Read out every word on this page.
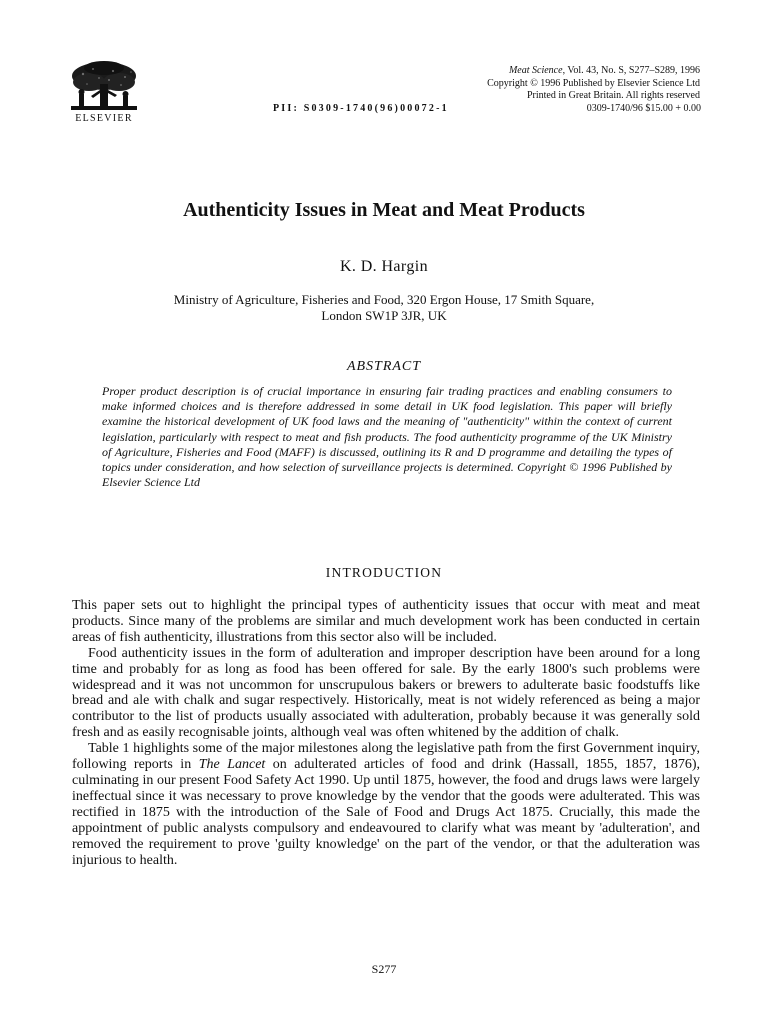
ELSEVIER
Meat Science, Vol. 43, No. S, S277–S289, 1996
Copyright © 1996 Published by Elsevier Science Ltd
Printed in Great Britain. All rights reserved
PII: S0309-1740(96)00072-1	0309-1740/96 $15.00 + 0.00
Authenticity Issues in Meat and Meat Products
K. D. Hargin
Ministry of Agriculture, Fisheries and Food, 320 Ergon House, 17 Smith Square,
London SW1P 3JR, UK
ABSTRACT
Proper product description is of crucial importance in ensuring fair trading practices and enabling consumers to make informed choices and is therefore addressed in some detail in UK food legislation. This paper will briefly examine the historical development of UK food laws and the meaning of "authenticity" within the context of current legislation, particularly with respect to meat and fish products. The food authenticity programme of the UK Ministry of Agriculture, Fisheries and Food (MAFF) is discussed, outlining its R and D programme and detailing the types of topics under consideration, and how selection of surveillance projects is determined. Copyright © 1996 Published by Elsevier Science Ltd
INTRODUCTION

This paper sets out to highlight the principal types of authenticity issues that occur with meat and meat products. Since many of the problems are similar and much development work has been conducted in certain areas of fish authenticity, illustrations from this sector also will be included.

Food authenticity issues in the form of adulteration and improper description have been around for a long time and probably for as long as food has been offered for sale. By the early 1800's such problems were widespread and it was not uncommon for unscrupulous bakers or brewers to adulterate basic foodstuffs like bread and ale with chalk and sugar respectively. Historically, meat is not widely referenced as being a major contributor to the list of products usually associated with adulteration, probably because it was generally sold fresh and as easily recognisable joints, although veal was often whitened by the addition of chalk.

Table 1 highlights some of the major milestones along the legislative path from the first Government inquiry, following reports in The Lancet on adulterated articles of food and drink (Hassall, 1855, 1857, 1876), culminating in our present Food Safety Act 1990. Up until 1875, however, the food and drugs laws were largely ineffectual since it was necessary to prove knowledge by the vendor that the goods were adulterated. This was rectified in 1875 with the introduction of the Sale of Food and Drugs Act 1875. Crucially, this made the appointment of public analysts compulsory and endeavoured to clarify what was meant by 'adulteration', and removed the requirement to prove 'guilty knowledge' on the part of the vendor, or that the adulteration was injurious to health.

S277
